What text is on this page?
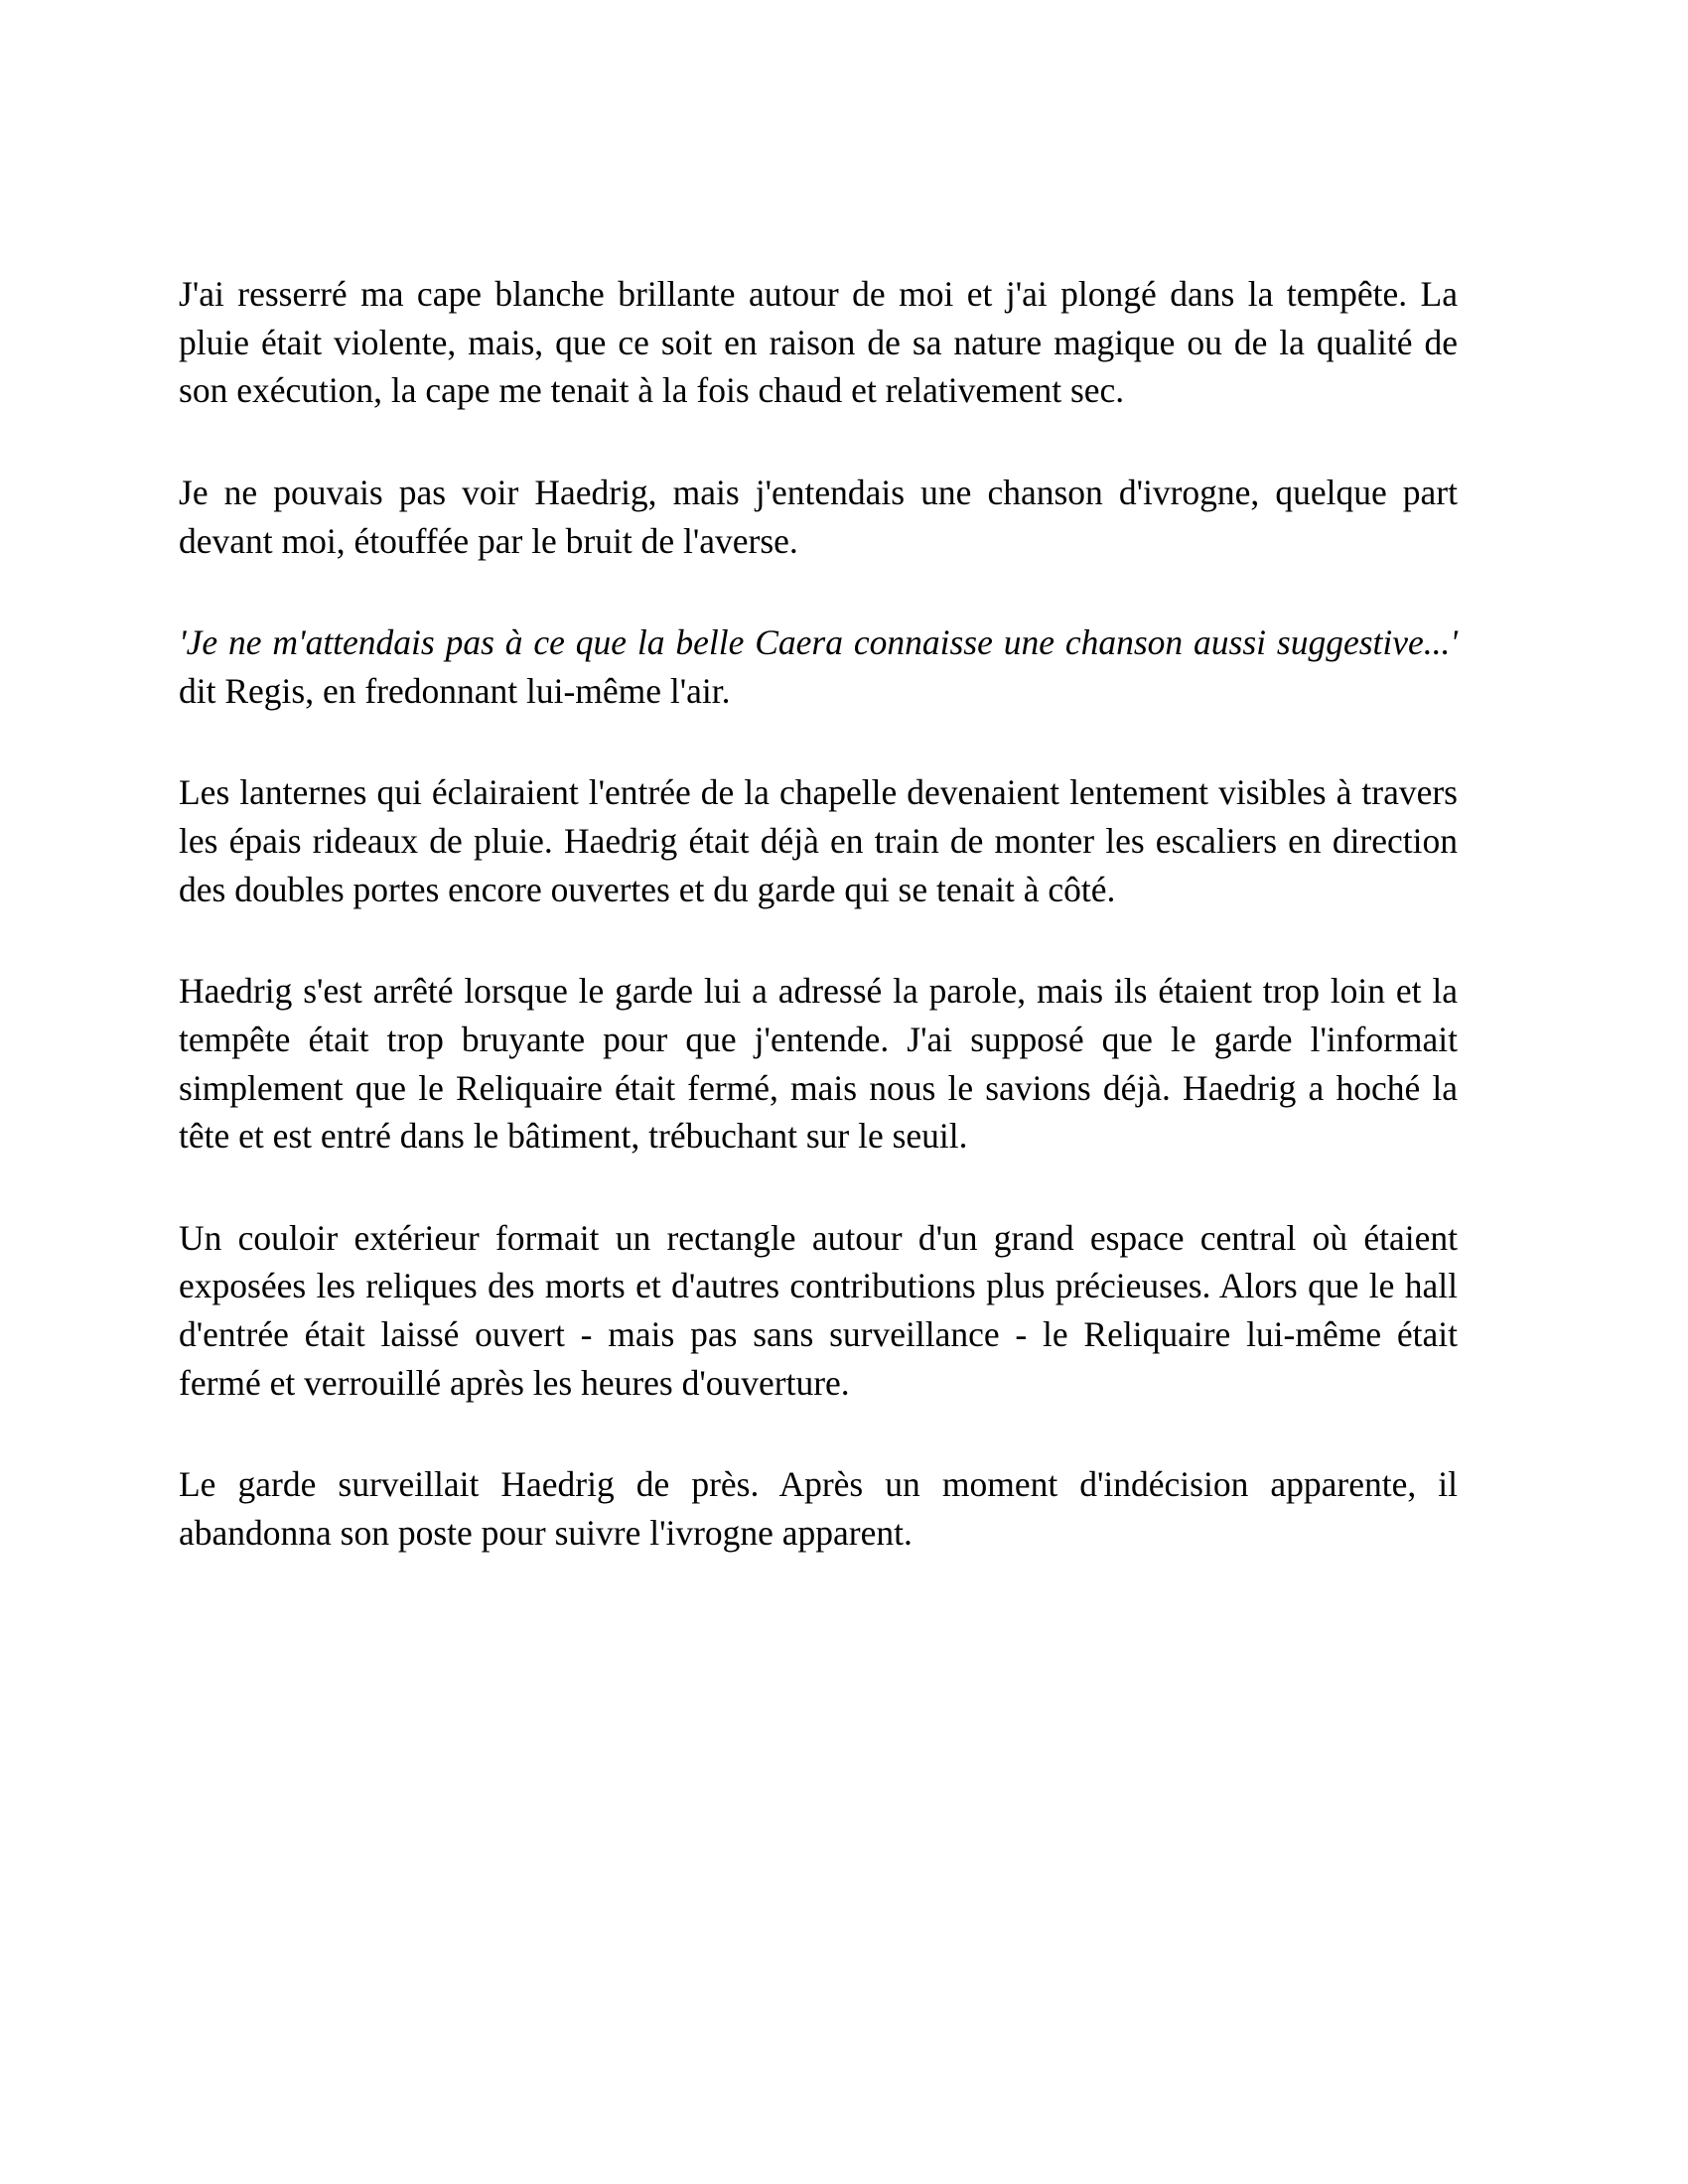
J'ai resserré ma cape blanche brillante autour de moi et j'ai plongé dans la tempête. La pluie était violente, mais, que ce soit en raison de sa nature magique ou de la qualité de son exécution, la cape me tenait à la fois chaud et relativement sec.

Je ne pouvais pas voir Haedrig, mais j'entendais une chanson d'ivrogne, quelque part devant moi, étouffée par le bruit de l'averse.

'Je ne m'attendais pas à ce que la belle Caera connaisse une chanson aussi suggestive...' dit Regis, en fredonnant lui-même l'air.

Les lanternes qui éclairaient l'entrée de la chapelle devenaient lentement visibles à travers les épais rideaux de pluie. Haedrig était déjà en train de monter les escaliers en direction des doubles portes encore ouvertes et du garde qui se tenait à côté.

Haedrig s'est arrêté lorsque le garde lui a adressé la parole, mais ils étaient trop loin et la tempête était trop bruyante pour que j'entende. J'ai supposé que le garde l'informait simplement que le Reliquaire était fermé, mais nous le savions déjà. Haedrig a hoché la tête et est entré dans le bâtiment, trébuchant sur le seuil.

Un couloir extérieur formait un rectangle autour d'un grand espace central où étaient exposées les reliques des morts et d'autres contributions plus précieuses. Alors que le hall d'entrée était laissé ouvert - mais pas sans surveillance - le Reliquaire lui-même était fermé et verrouillé après les heures d'ouverture.

Le garde surveillait Haedrig de près. Après un moment d'indécision apparente, il abandonna son poste pour suivre l'ivrogne apparent.
